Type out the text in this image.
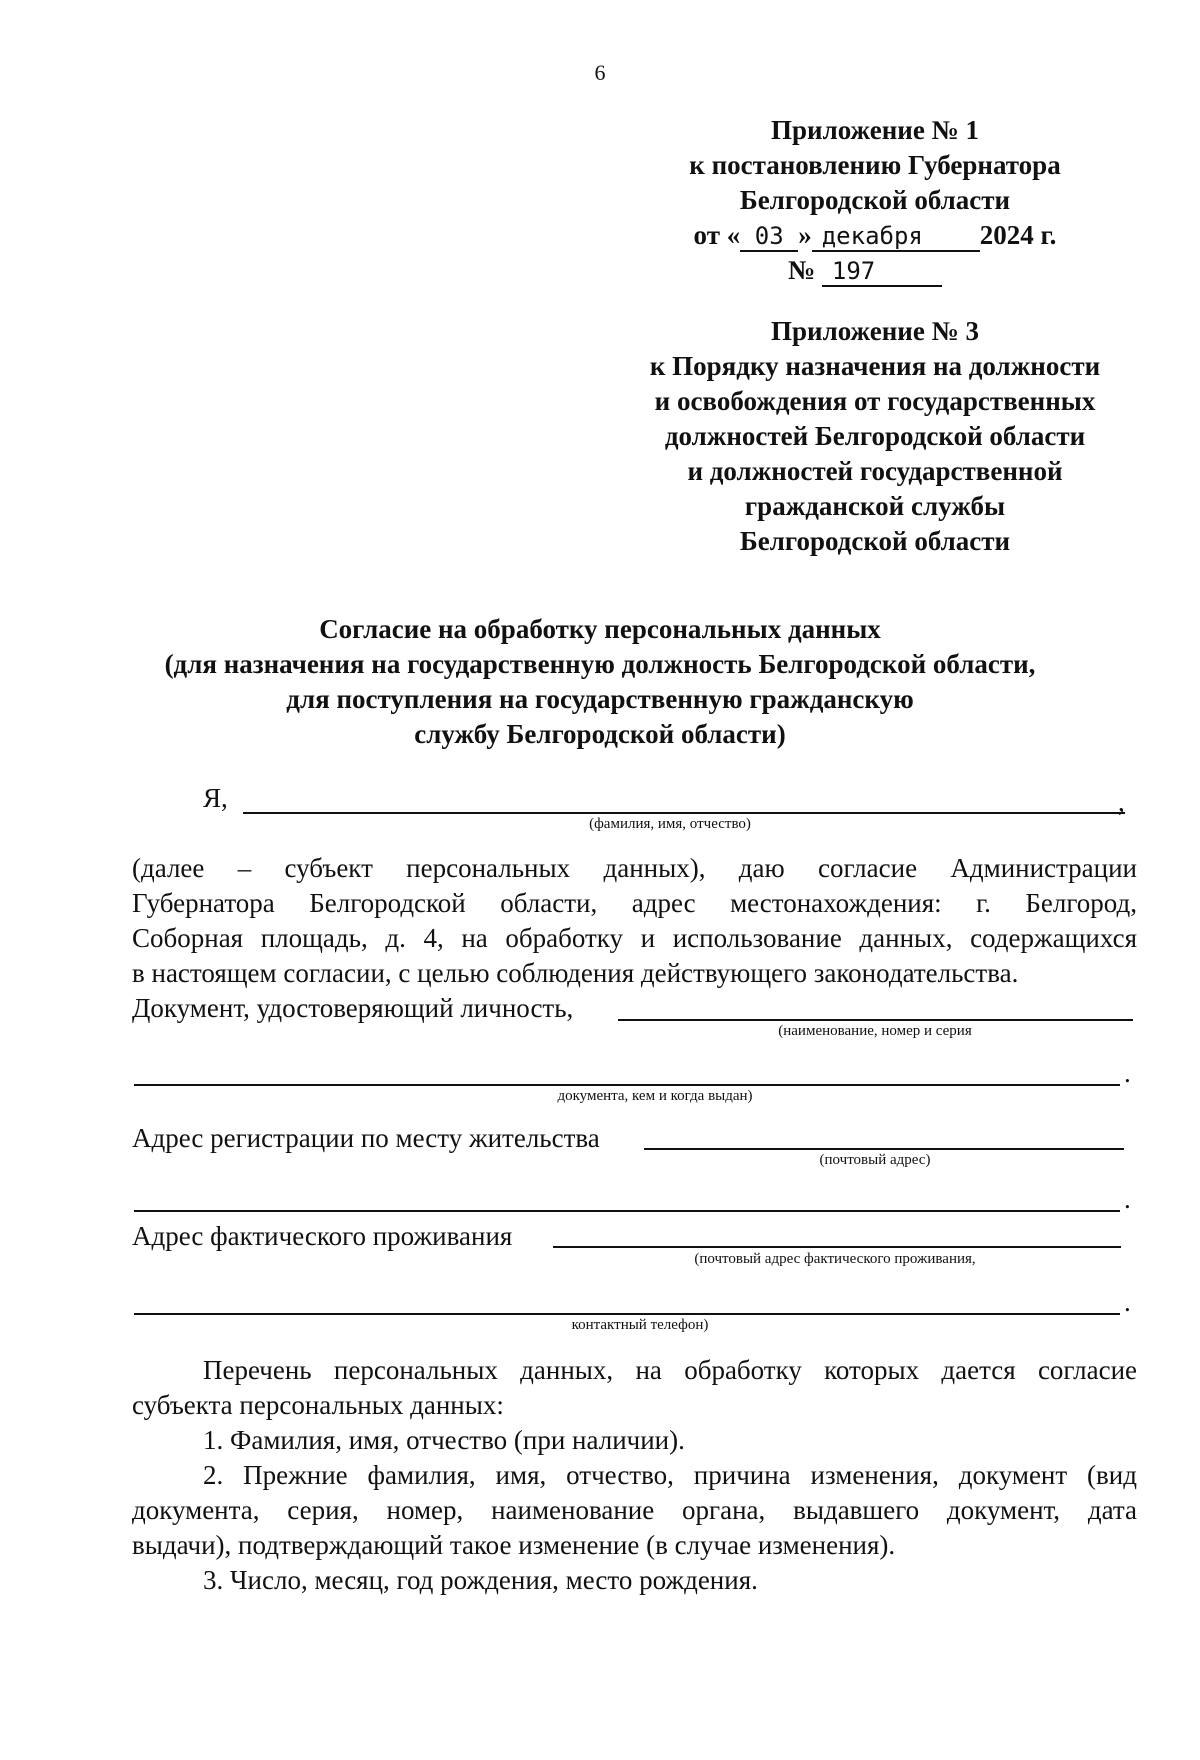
6
Приложение № 1
к постановлению Губернатора
Белгородской области
от « 03 » декабря 2024 г.
№ 197
Приложение № 3
к Порядку назначения на должности
и освобождения от государственных
должностей Белгородской области
и должностей государственной
гражданской службы
Белгородской области
Согласие на обработку персональных данных
(для назначения на государственную должность Белгородской области,
для поступления на государственную гражданскую
службу Белгородской области)
Я,	,
(фамилия, имя, отчество)
(далее – субъект персональных данных), даю согласие Администрации
Губернатора Белгородской области, адрес местонахождения: г. Белгород,
Соборная площадь, д. 4, на обработку и использование данных, содержащихся
в настоящем согласии, с целью соблюдения действующего законодательства.
Документ, удостоверяющий личность,
(наименование, номер и серия
.
документа, кем и когда выдан)
Адрес регистрации по месту жительства
(почтовый адрес)
.
Адрес фактического проживания
(почтовый адрес фактического проживания,
.
контактный телефон)
Перечень персональных данных, на обработку которых дается согласие
субъекта персональных данных:
1. Фамилия, имя, отчество (при наличии).
2. Прежние фамилия, имя, отчество, причина изменения, документ (вид
документа, серия, номер, наименование органа, выдавшего документ, дата
выдачи), подтверждающий такое изменение (в случае изменения).
3. Число, месяц, год рождения, место рождения.
